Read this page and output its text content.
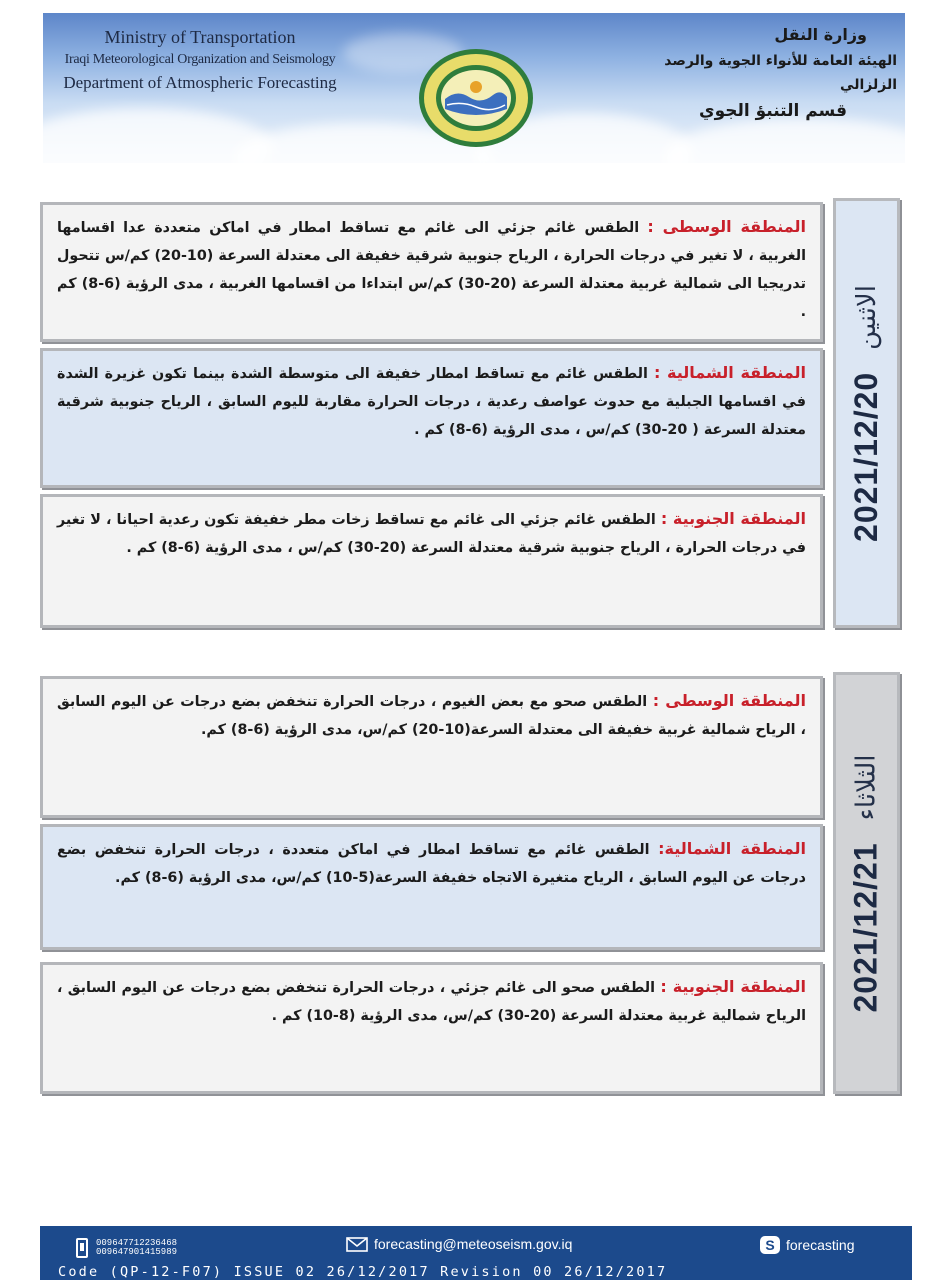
Ministry of Transportation
Iraqi Meteorological Organization and Seismology
Department of Atmospheric Forecasting
وزارة النقل
الهيئة العامة للأنواء الجوية والرصد الزلزالي
قسم التنبؤ الجوي
2021/12/20
الاثنين

المنطقة الوسطى : الطقس غائم جزئي الى غائم مع تساقط امطار في اماكن متعددة عدا اقسامها الغربية ، لا تغير في درجات الحرارة ، الرياح جنوبية شرقية خفيفة الى معتدلة السرعة (10-20) كم/س تتحول تدريجيا الى شمالية غربية معتدلة السرعة (20-30) كم/س ابتداءا من اقسامها الغربية ، مدى الرؤية (6-8) كم .

المنطقة الشمالية : الطقس غائم مع تساقط امطار خفيفة الى متوسطة الشدة بينما تكون غزيرة الشدة في اقسامها الجبلية مع حدوث عواصف رعدية ، درجات الحرارة مقاربة لليوم السابق ، الرياح جنوبية شرقية معتدلة السرعة ( 20-30) كم/س ، مدى الرؤية (6-8) كم .

المنطقة الجنوبية : الطقس غائم جزئي الى غائم مع تساقط زخات مطر خفيفة تكون رعدية احيانا ، لا تغير في درجات الحرارة ، الرياح جنوبية شرقية معتدلة السرعة (20-30) كم/س ، مدى الرؤية (6-8) كم .

2021/12/21
الثلاثاء

المنطقة الوسطى : الطقس صحو مع بعض الغيوم ، درجات الحرارة تنخفض بضع درجات عن اليوم السابق ، الرياح شمالية غربية خفيفة الى معتدلة السرعة(10-20) كم/س، مدى الرؤية (6-8) كم.

المنطقة الشمالية: الطقس غائم مع تساقط امطار في اماكن متعددة ، درجات الحرارة تنخفض بضع درجات عن اليوم السابق ، الرياح متغيرة الاتجاه خفيفة السرعة(5-10) كم/س، مدى الرؤية (6-8) كم.

المنطقة الجنوبية : الطقس صحو الى غائم جزئي ، درجات الحرارة تنخفض بضع درجات عن اليوم السابق ، الرياح شمالية غربية معتدلة السرعة (20-30) كم/س، مدى الرؤية (8-10) كم .

009647712236468
009647901415989	forecasting@meteoseism.gov.iq	S forecasting
Code (QP-12-F07) ISSUE 02 26/12/2017 Revision 00 26/12/2017
